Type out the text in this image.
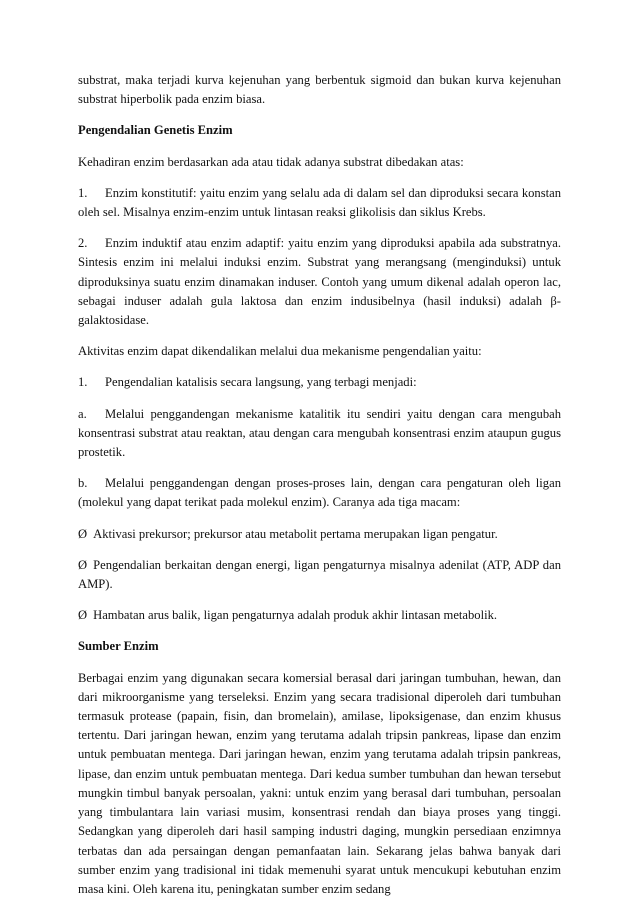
substrat, maka terjadi kurva kejenuhan yang berbentuk sigmoid dan bukan kurva kejenuhan substrat hiperbolik pada enzim biasa.

Pengendalian Genetis Enzim

Kehadiran enzim berdasarkan ada atau tidak adanya substrat dibedakan atas:

1. Enzim konstitutif: yaitu enzim yang selalu ada di dalam sel dan diproduksi secara konstan oleh sel. Misalnya enzim-enzim untuk lintasan reaksi glikolisis dan siklus Krebs.

2. Enzim induktif atau enzim adaptif: yaitu enzim yang diproduksi apabila ada substratnya. Sintesis enzim ini melalui induksi enzim. Substrat yang merangsang (menginduksi) untuk diproduksinya suatu enzim dinamakan induser. Contoh yang umum dikenal adalah operon lac, sebagai induser adalah gula laktosa dan enzim indusibelnya (hasil induksi) adalah β-galaktosidase.

Aktivitas enzim dapat dikendalikan melalui dua mekanisme pengendalian yaitu:

1. Pengendalian katalisis secara langsung, yang terbagi menjadi:

a. Melalui penggandengan mekanisme katalitik itu sendiri yaitu dengan cara mengubah konsentrasi substrat atau reaktan, atau dengan cara mengubah konsentrasi enzim ataupun gugus prostetik.

b. Melalui penggandengan dengan proses-proses lain, dengan cara pengaturan oleh ligan (molekul yang dapat terikat pada molekul enzim). Caranya ada tiga macam:

Ø Aktivasi prekursor; prekursor atau metabolit pertama merupakan ligan pengatur.

Ø Pengendalian berkaitan dengan energi, ligan pengaturnya misalnya adenilat (ATP, ADP dan AMP).

Ø Hambatan arus balik, ligan pengaturnya adalah produk akhir lintasan metabolik.

Sumber Enzim

Berbagai enzim yang digunakan secara komersial berasal dari jaringan tumbuhan, hewan, dan dari mikroorganisme yang terseleksi. Enzim yang secara tradisional diperoleh dari tumbuhan termasuk protease (papain, fisin, dan bromelain), amilase, lipoksigenase, dan enzim khusus tertentu. Dari jaringan hewan, enzim yang terutama adalah tripsin pankreas, lipase dan enzim untuk pembuatan mentega. Dari jaringan hewan, enzim yang terutama adalah tripsin pankreas, lipase, dan enzim untuk pembuatan mentega. Dari kedua sumber tumbuhan dan hewan tersebut mungkin timbul banyak persoalan, yakni: untuk enzim yang berasal dari tumbuhan, persoalan yang timbulantara lain variasi musim, konsentrasi rendah dan biaya proses yang tinggi. Sedangkan yang diperoleh dari hasil samping industri daging, mungkin persediaan enzimnya terbatas dan ada persaingan dengan pemanfaatan lain. Sekarang jelas bahwa banyak dari sumber enzim yang tradisional ini tidak memenuhi syarat untuk mencukupi kebutuhan enzim masa kini. Oleh karena itu, peningkatan sumber enzim sedang
